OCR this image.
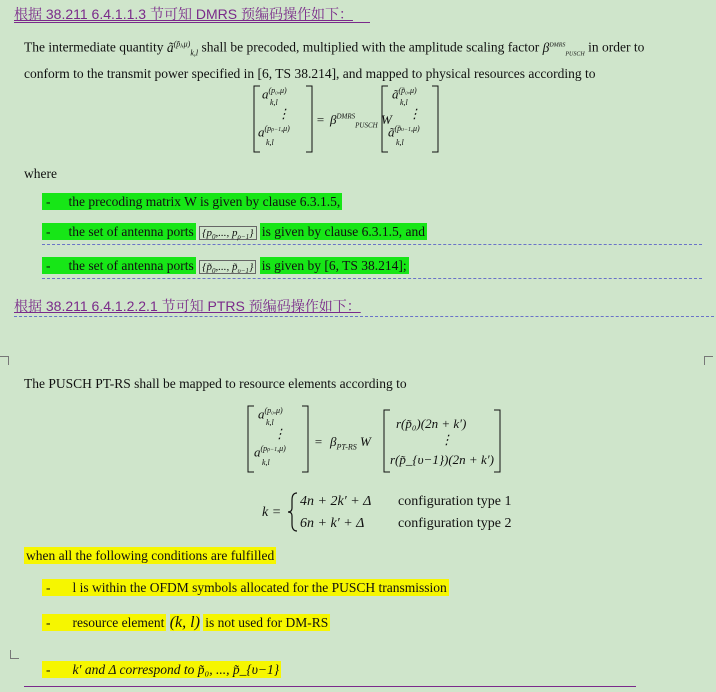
根据 38.211 6.4.1.1.3 节可知 DMRS 预编码操作如下：
The intermediate quantity $ã^{(p̃ⱼ,\mu)}_{k,l}$ shall be precoded, multiplied with the amplitude scaling factor $\beta^{DMRS}_{PUSCH}$ in order to
conform to the transmit power specified in [6, TS 38.214], and mapped to physical resources according to
$a^{(p_0,\mu)}$
k,l
⋮
$a^{(p\rho-1,\mu)}$
k,l
= $\beta^{DMRS}_{PUSCH}$ W
$ã^{(p̃_0,\mu)}$
k,l
⋮
$ã^{(p̃\upsilon-1,\mu)}$
k,l
where
- the precoding matrix W is given by clause 6.3.1.5,
- the set of antenna ports {$p_0$,..., $p_{\rho-1}$} is given by clause 6.3.1.5, and
- the set of antenna ports {$p̃_0$,..., $p̃_{\upsilon-1}$} is given by [6, TS 38.214];
根据 38.211 6.4.1.2.2.1 节可知 PTRS 预编码操作如下：
The PUSCH PT-RS shall be mapped to resource elements according to
$a^{(p_0,\mu)}$
k,l
⋮
$a^{(p\rho-1,\mu)}$
k,l
= $\beta_{PT-RS}$ W
r(p̃₀)(2n + k′)
⋮
r(p̃_{υ−1})(2n + k′)
k =
4n + 2k′ + Δ configuration type 1
6n + k′ + Δ configuration type 2
when all the following conditions are fulfilled
- l is within the OFDM symbols allocated for the PUSCH transmission
- resource element (k, l) is not used for DM-RS
- k′ and Δ correspond to p̃₀, ..., p̃_{υ−1}
